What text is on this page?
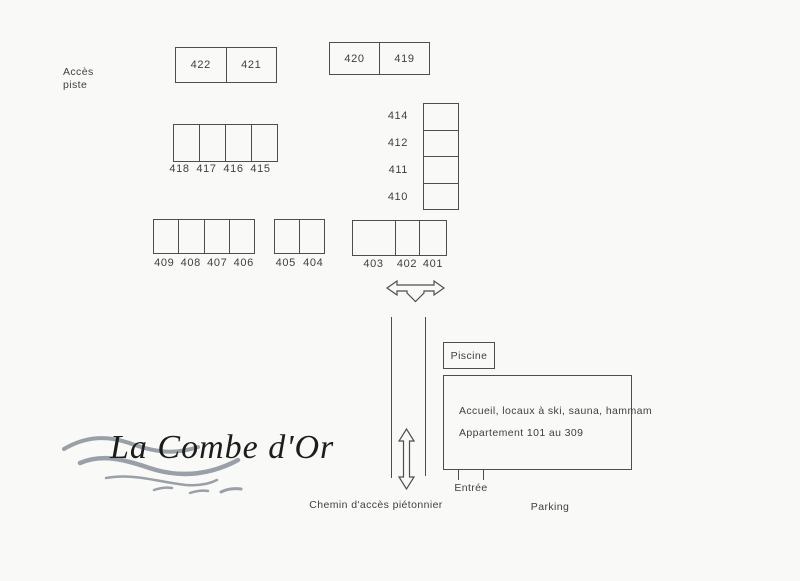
Accès
piste
422	421
420	419
418 417 416 415
414
412
411
410
409 408 407 406	405 404	403	402 401
Piscine
Accueil, locaux à ski, sauna, hammam
Appartement 101 au 309
Entrée
Parking
Chemin d'accès piétonnier
La Combe d'Or
